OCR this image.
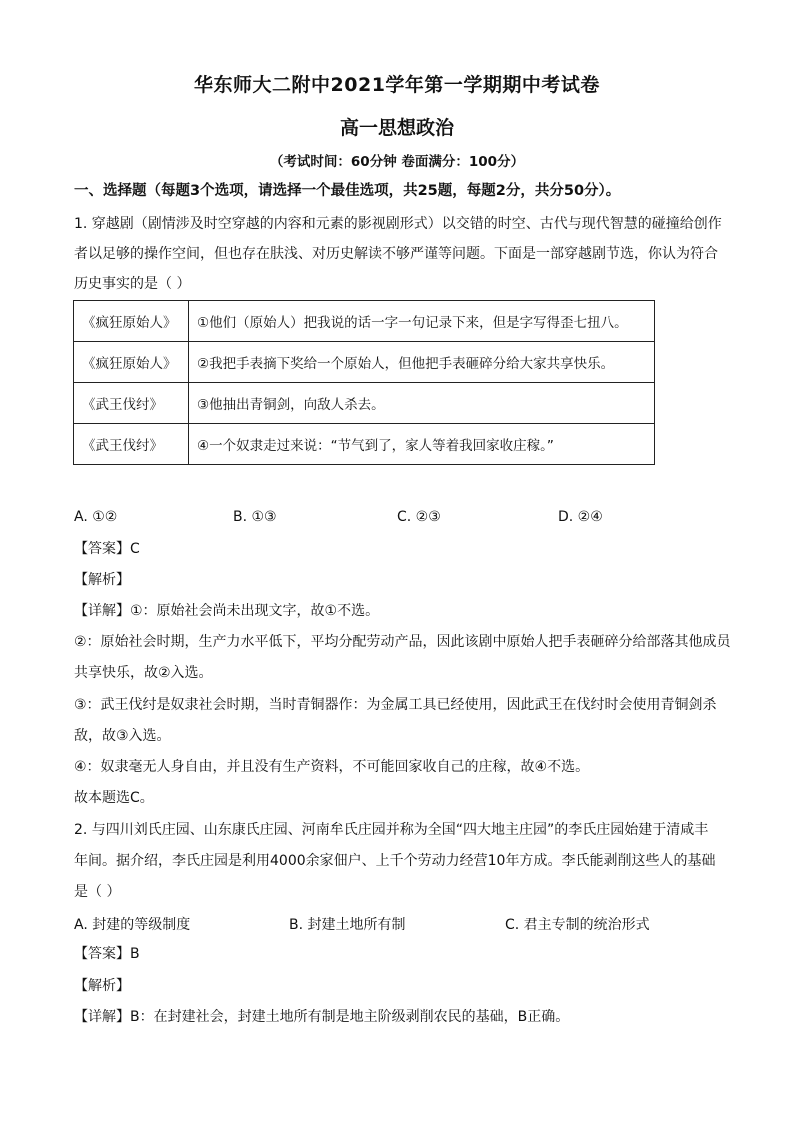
华东师大二附中2021学年第一学期期中考试卷
高一思想政治
（考试时间：60分钟 卷面满分：100分）
一、选择题（每题3个选项，请选择一个最佳选项，共25题，每题2分，共分50分）。
1. 穿越剧（剧情涉及时空穿越的内容和元素的影视剧形式）以交错的时空、古代与现代智慧的碰撞给创作
者以足够的操作空间，但也存在肤浅、对历史解读不够严谨等问题。下面是一部穿越剧节选，你认为符合
历史事实的是（ ）
《疯狂原始人》	①他们（原始人）把我说的话一字一句记录下来，但是字写得歪七扭八。
《疯狂原始人》	②我把手表摘下奖给一个原始人，但他把手表砸碎分给大家共享快乐。
《武王伐纣》	③他抽出青铜剑，向敌人杀去。
《武王伐纣》	④一个奴隶走过来说：“节气到了，家人等着我回家收庄稼。”
A. ①②	B. ①③	C. ②③	D. ②④
【答案】C
【解析】
【详解】①：原始社会尚未出现文字，故①不选。
②：原始社会时期，生产力水平低下，平均分配劳动产品，因此该剧中原始人把手表砸碎分给部落其他成员
共享快乐，故②入选。
③：武王伐纣是奴隶社会时期，当时青铜器作：为金属工具已经使用，因此武王在伐纣时会使用青铜剑杀
敌，故③入选。
④：奴隶毫无人身自由，并且没有生产资料，不可能回家收自己的庄稼，故④不选。
故本题选C。
2. 与四川刘氏庄园、山东康氏庄园、河南牟氏庄园并称为全国“四大地主庄园”的李氏庄园始建于清咸丰
年间。据介绍，李氏庄园是利用4000余家佃户、上千个劳动力经营10年方成。李氏能剥削这些人的基础
是（ ）
A. 封建的等级制度	B. 封建土地所有制	C. 君主专制的统治形式
【答案】B
【解析】
【详解】B：在封建社会，封建土地所有制是地主阶级剥削农民的基础，B正确。
